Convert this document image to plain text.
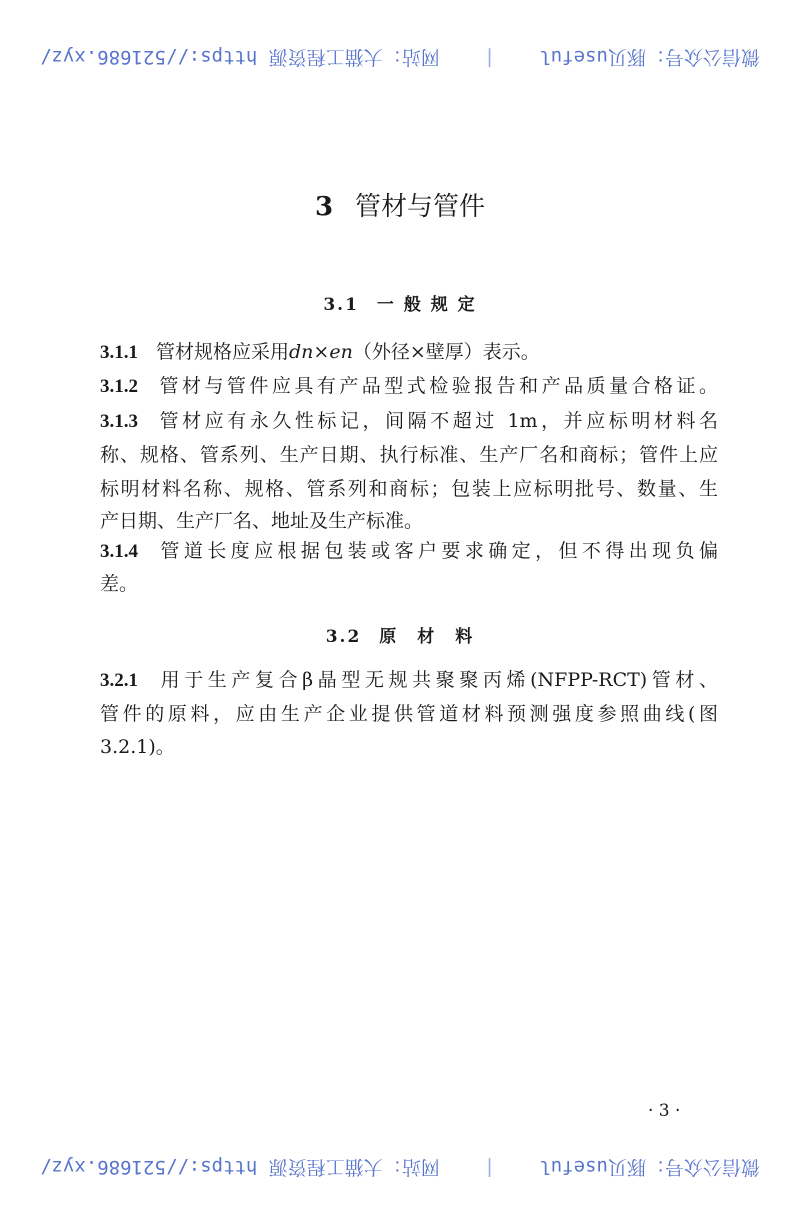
微信公众号：豚贝useful
|
网站：大猫工程资源 https://521686.xyz/
3 管材与管件
3.1 一 般 规 定
3.1.1 管材规格应采用dn×en（外径×壁厚）表示。
3.1.2 管材与管件应具有产品型式检验报告和产品质量合格证。
3.1.3 管材应有永久性标记，间隔不超过 1m，并应标明材料名
称、规格、管系列、生产日期、执行标准、生产厂名和商标；管件上应
标明材料名称、规格、管系列和商标；包装上应标明批号、数量、生
产日期、生产厂名、地址及生产标准。
3.1.4 管道长度应根据包装或客户要求确定，但不得出现负偏
差。
3.2 原　材　料
3.2.1 用于生产复合β晶型无规共聚聚丙烯(NFPP-RCT)管材、
管件的原料，应由生产企业提供管道材料预测强度参照曲线(图
3.2.1)。
· 3 ·
微信公众号：豚贝useful
|
网站：大猫工程资源 https://521686.xyz/
